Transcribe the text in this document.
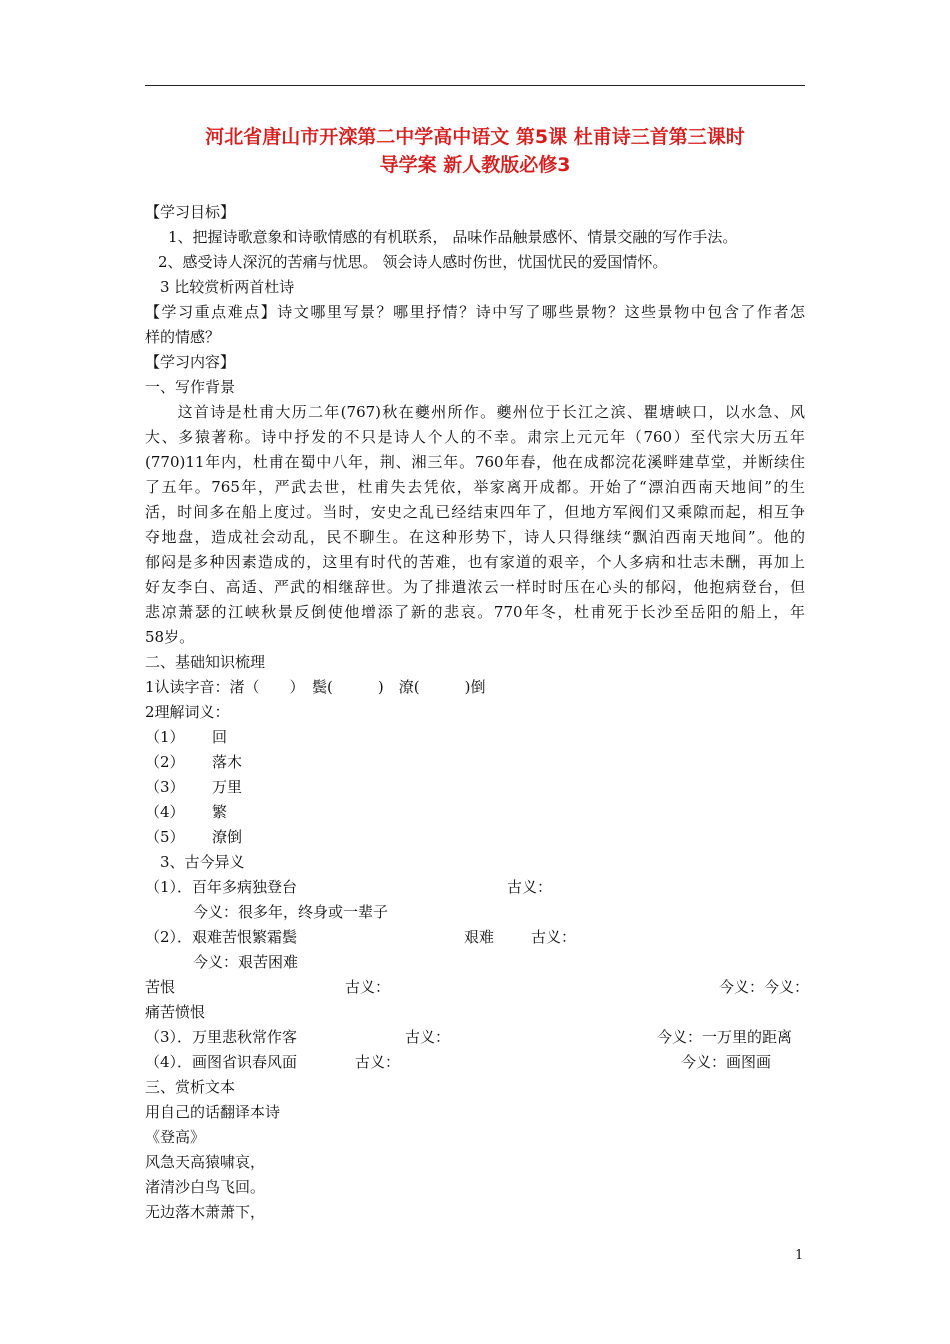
河北省唐山市开滦第二中学高中语文 第5课 杜甫诗三首第三课时
导学案 新人教版必修3
【学习目标】
1、把握诗歌意象和诗歌情感的有机联系， 品味作品触景感怀、情景交融的写作手法。
2、感受诗人深沉的苦痛与忧思。 领会诗人感时伤世，忧国忧民的爱国情怀。
3 比较赏析两首杜诗
【学习重点难点】诗文哪里写景？哪里抒情？诗中写了哪些景物？这些景物中包含了作者怎
样的情感？
【学习内容】
一、写作背景
　　这首诗是杜甫大历二年(767)秋在夔州所作。夔州位于长江之滨、瞿塘峡口，以水急、风
大、多猿著称。诗中抒发的不只是诗人个人的不幸。肃宗上元元年（760）至代宗大历五年
(770)11年内，杜甫在蜀中八年，荆、湘三年。760年春，他在成都浣花溪畔建草堂，并断续住
了五年。765年，严武去世，杜甫失去凭依，举家离开成都。开始了“漂泊西南天地间”的生
活，时间多在船上度过。当时，安史之乱已经结束四年了，但地方军阀们又乘隙而起，相互争
夺地盘，造成社会动乱，民不聊生。在这种形势下，诗人只得继续“飘泊西南天地间”。他的
郁闷是多种因素造成的，这里有时代的苦难，也有家道的艰辛，个人多病和壮志未酬，再加上
好友李白、高适、严武的相继辞世。为了排遣浓云一样时时压在心头的郁闷，他抱病登台，但
悲凉萧瑟的江峡秋景反倒使他增添了新的悲哀。770年冬，杜甫死于长沙至岳阳的船上，年
58岁。
二、基础知识梳理
1认读字音：渚（　　）　鬓(　　　)　潦(　　　)倒
2理解词义：
（1） 回
（2） 落木
（3） 万里
（4） 繁
（5） 潦倒
3、古今异义
（1）．百年多病独登台	古义：
今义：很多年，终身或一辈子
（2）．艰难苦恨繁霜鬓	艰难 古义：
今义：艰苦困难
苦恨	古义：	今义：今义：
痛苦愤恨
（3）．万里悲秋常作客	古义：	今义：一万里的距离
（4）．画图省识春风面	古义：	今义：画图画
三、赏析文本
用自己的话翻译本诗
《登高》
风急天高猿啸哀，
渚清沙白鸟飞回。
无边落木萧萧下，
1
